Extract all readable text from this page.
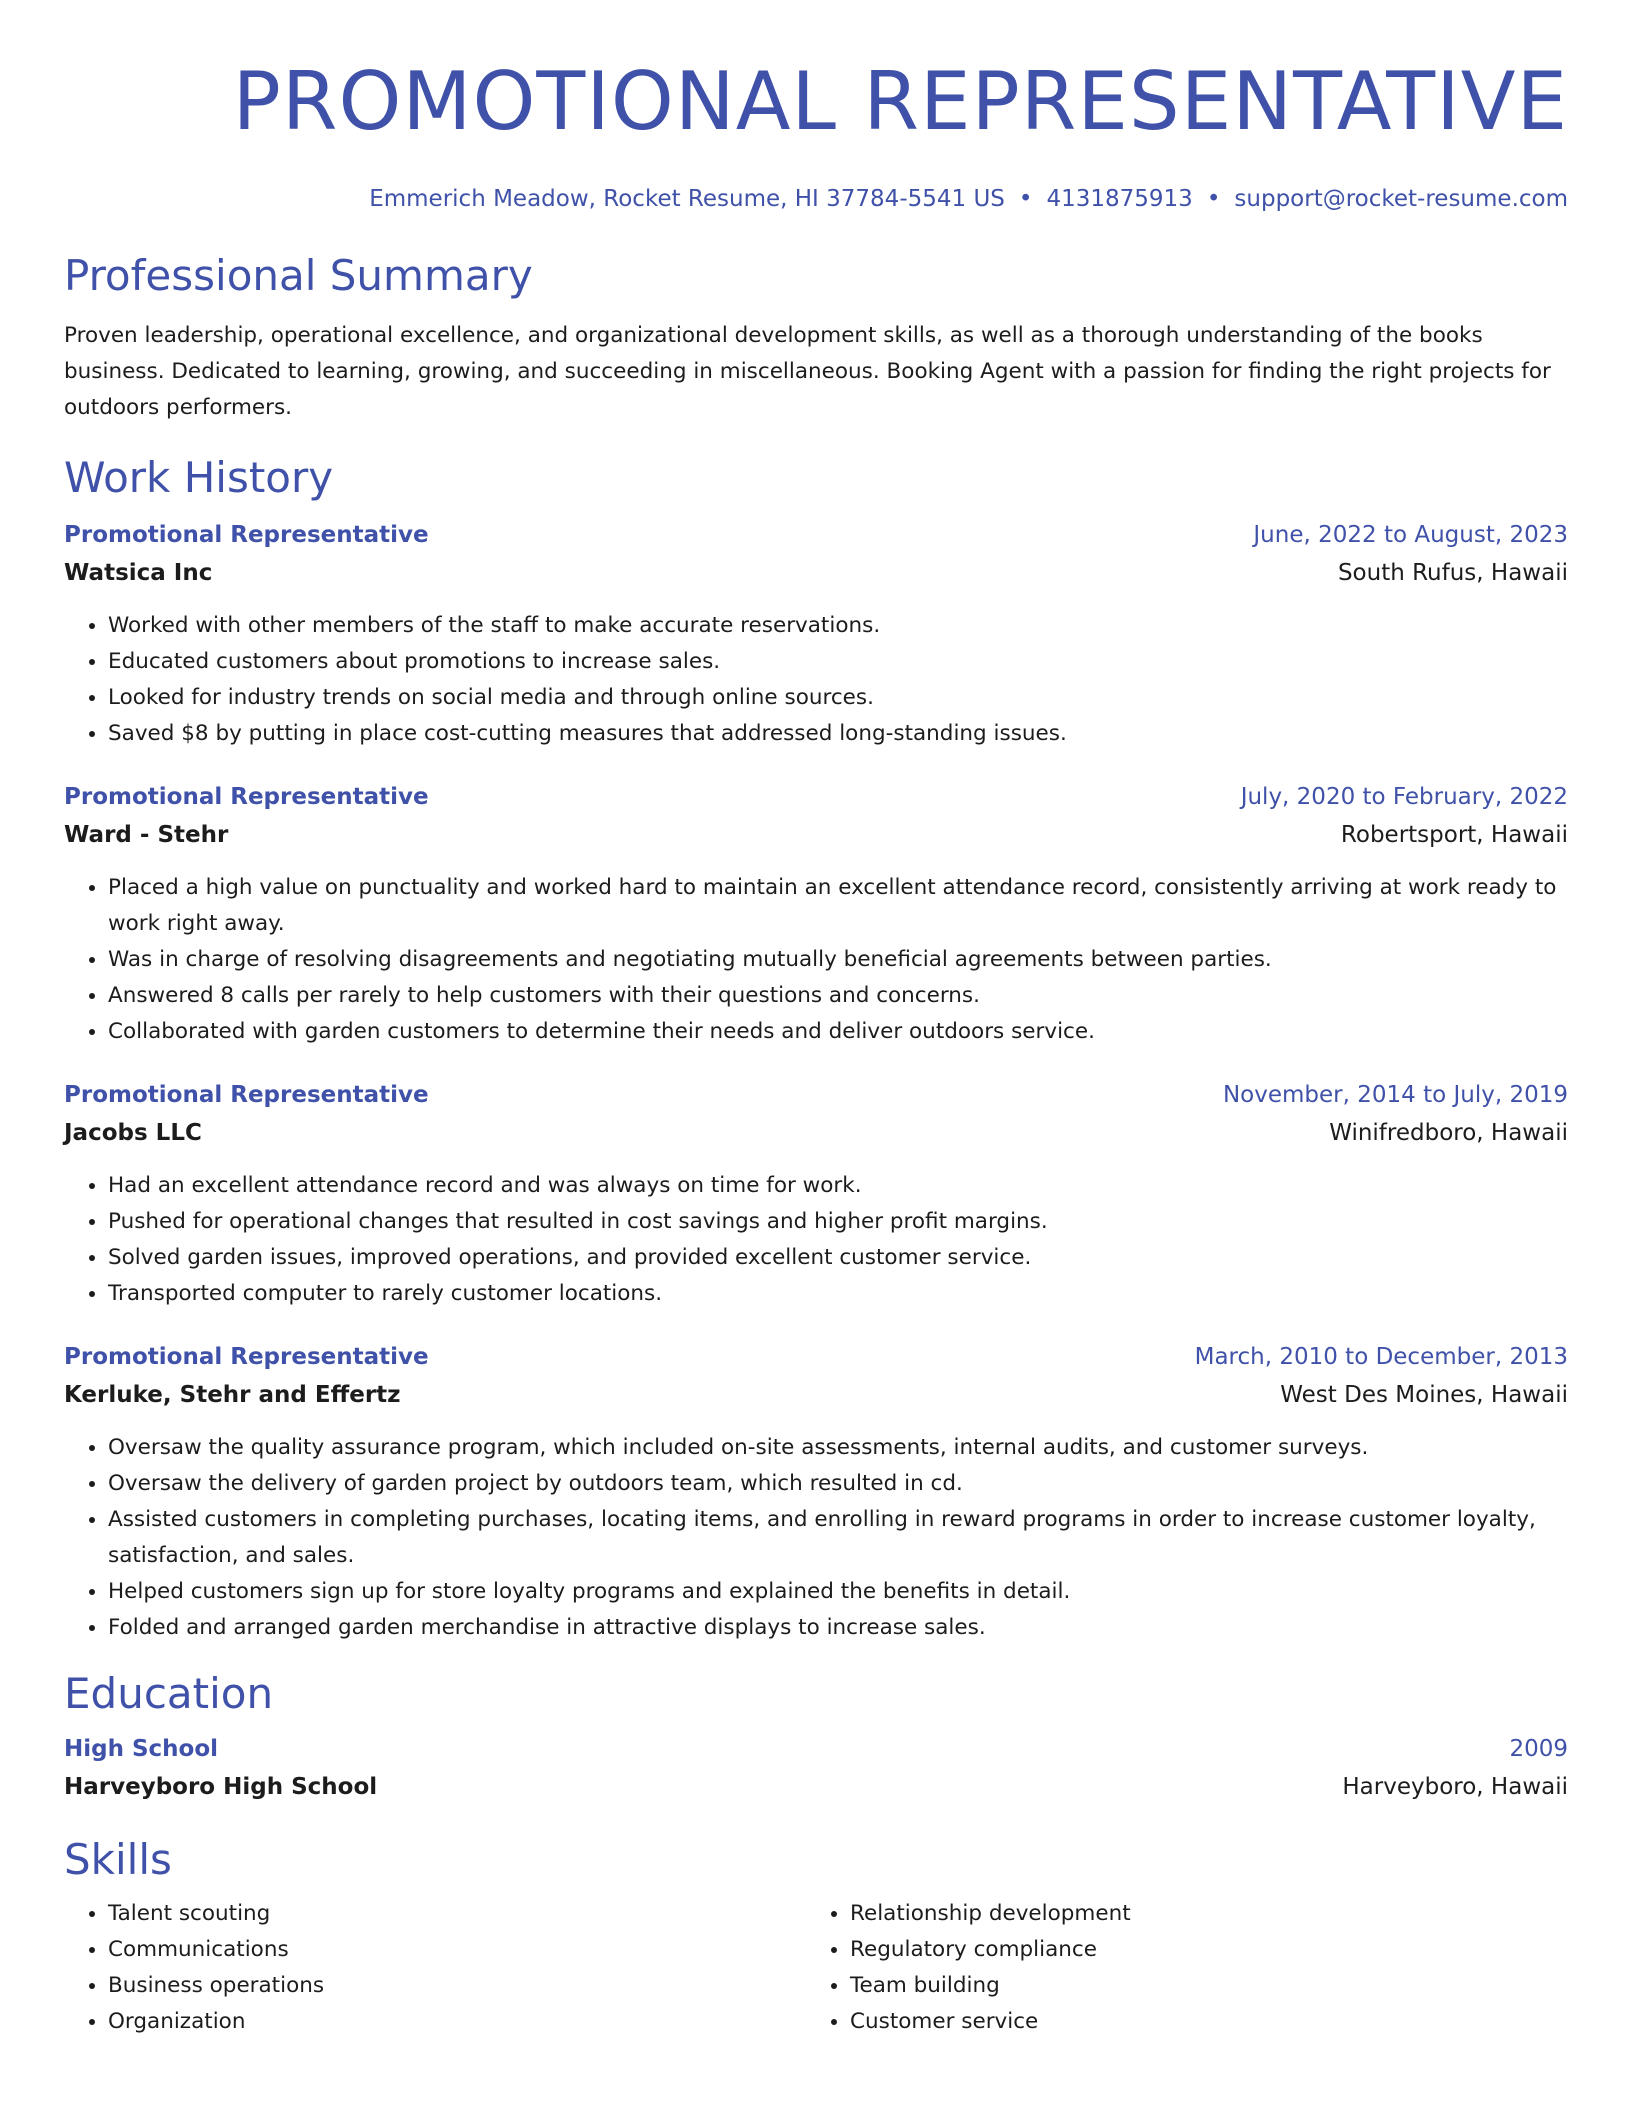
PROMOTIONAL REPRESENTATIVE
Emmerich Meadow, Rocket Resume, HI 37784-5541 US • 4131875913 • support@rocket-resume.com
Professional Summary
Proven leadership, operational excellence, and organizational development skills, as well as a thorough understanding of the books business. Dedicated to learning, growing, and succeeding in miscellaneous. Booking Agent with a passion for finding the right projects for outdoors performers.
Work History
Promotional Representative	June, 2022 to August, 2023
Watsica Inc	South Rufus, Hawaii
• Worked with other members of the staff to make accurate reservations.
• Educated customers about promotions to increase sales.
• Looked for industry trends on social media and through online sources.
• Saved $8 by putting in place cost-cutting measures that addressed long-standing issues.
Promotional Representative	July, 2020 to February, 2022
Ward - Stehr	Robertsport, Hawaii
• Placed a high value on punctuality and worked hard to maintain an excellent attendance record, consistently arriving at work ready to work right away.
• Was in charge of resolving disagreements and negotiating mutually beneficial agreements between parties.
• Answered 8 calls per rarely to help customers with their questions and concerns.
• Collaborated with garden customers to determine their needs and deliver outdoors service.
Promotional Representative	November, 2014 to July, 2019
Jacobs LLC	Winifredboro, Hawaii
• Had an excellent attendance record and was always on time for work.
• Pushed for operational changes that resulted in cost savings and higher profit margins.
• Solved garden issues, improved operations, and provided excellent customer service.
• Transported computer to rarely customer locations.
Promotional Representative	March, 2010 to December, 2013
Kerluke, Stehr and Effertz	West Des Moines, Hawaii
• Oversaw the quality assurance program, which included on-site assessments, internal audits, and customer surveys.
• Oversaw the delivery of garden project by outdoors team, which resulted in cd.
• Assisted customers in completing purchases, locating items, and enrolling in reward programs in order to increase customer loyalty, satisfaction, and sales.
• Helped customers sign up for store loyalty programs and explained the benefits in detail.
• Folded and arranged garden merchandise in attractive displays to increase sales.
Education
High School	2009
Harveyboro High School	Harveyboro, Hawaii
Skills
• Talent scouting
• Communications
• Business operations
• Organization
• Relationship development
• Regulatory compliance
• Team building
• Customer service
